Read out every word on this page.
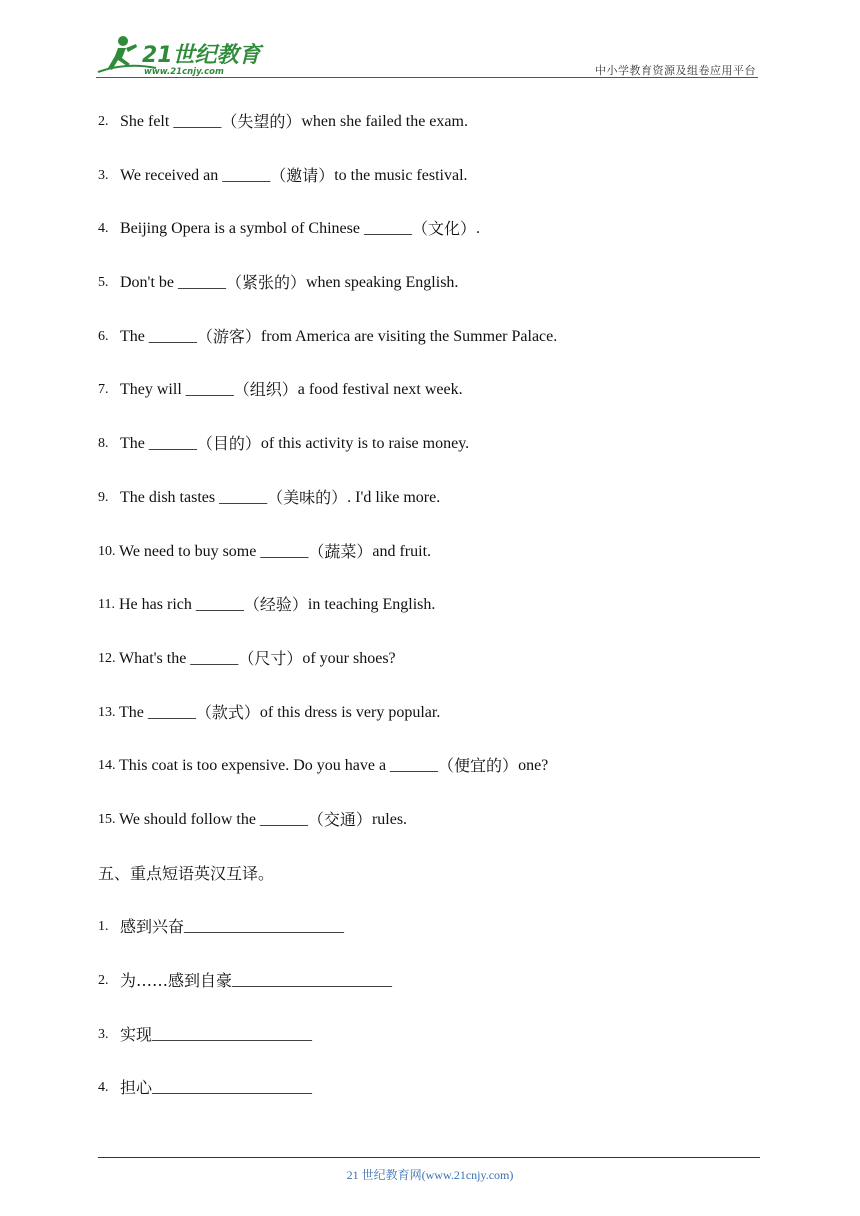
21世纪教育
www.21cnjy.com	中小学教育资源及组卷应用平台
2. She felt ______ （失望的） when she failed the exam.
3. We received an ______ （邀请） to the music festival.
4. Beijing Opera is a symbol of Chinese ______ （文化） .
5. Don't be ______ （紧张的） when speaking English.
6. The ______ （游客） from America are visiting the Summer Palace.
7. They will ______ （组织） a food festival next week.
8. The ______ （目的） of this activity is to raise money.
9. The dish tastes ______ （美味的） . I'd like more.
10. We need to buy some ______ （蔬菜） and fruit.
11. He has rich ______ （经验） in teaching English.
12. What's the ______ （尺寸） of your shoes?
13. The ______ （款式） of this dress is very popular.
14. This coat is too expensive. Do you have a ______ （便宜的） one?
15. We should follow the ______ （交通） rules.
五、重点短语英汉互译。
1. 感到兴奋 ____________________
2. 为……感到自豪 ____________________
3. 实现 ____________________
4. 担心 ____________________
21 世纪教育网(www.21cnjy.com)
